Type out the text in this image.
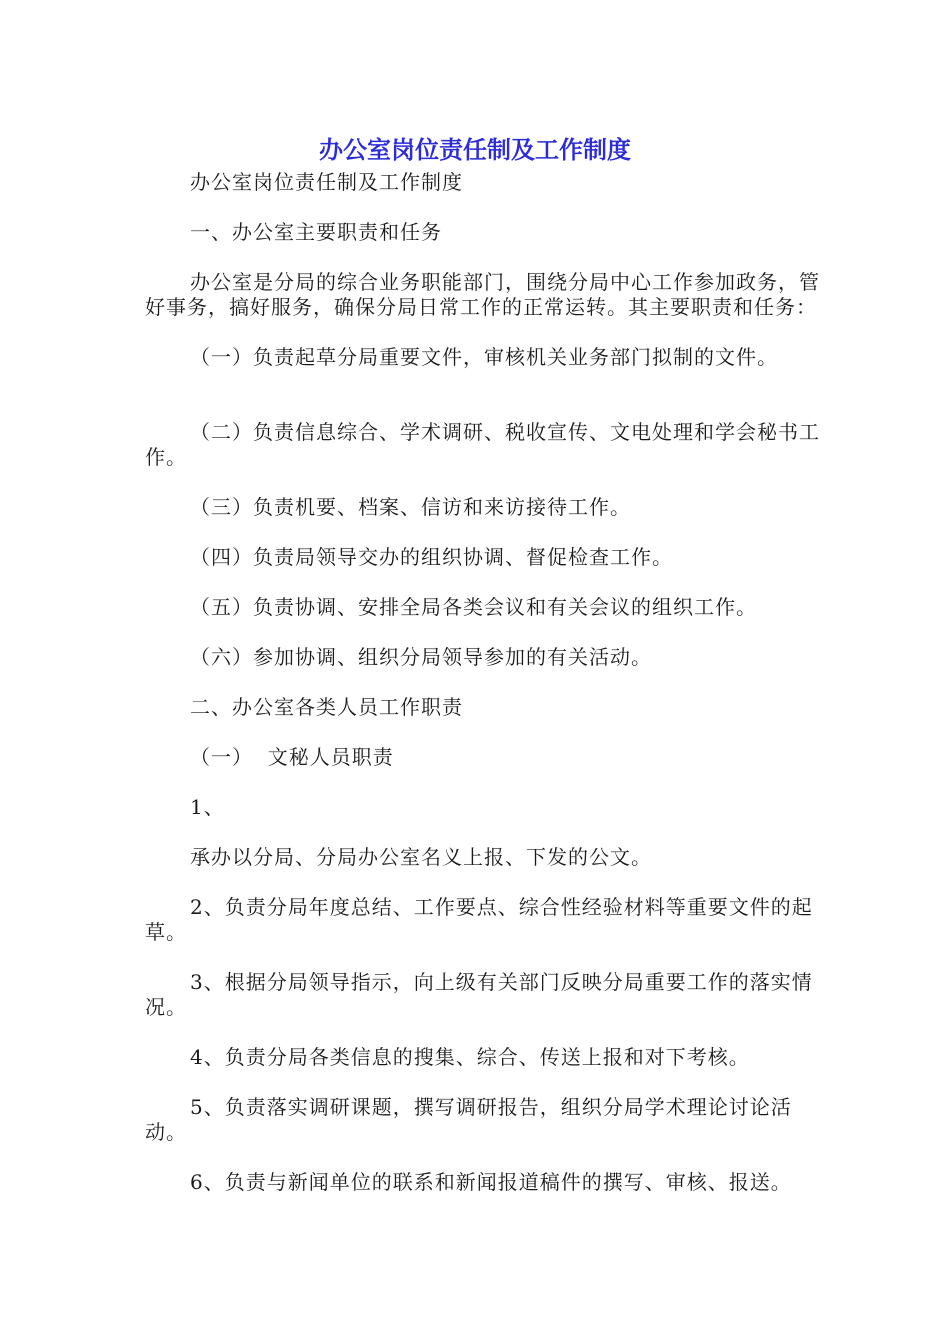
办公室岗位责任制及工作制度

办公室岗位责任制及工作制度

一、办公室主要职责和任务

办公室是分局的综合业务职能部门，围绕分局中心工作参加政务，管好事务，搞好服务，确保分局日常工作的正常运转。其主要职责和任务：

（一）负责起草分局重要文件，审核机关业务部门拟制的文件。

（二）负责信息综合、学术调研、税收宣传、文电处理和学会秘书工作。

（三）负责机要、档案、信访和来访接待工作。

（四）负责局领导交办的组织协调、督促检查工作。

（五）负责协调、安排全局各类会议和有关会议的组织工作。

（六）参加协调、组织分局领导参加的有关活动。

二、办公室各类人员工作职责

（一）  文秘人员职责

1、

承办以分局、分局办公室名义上报、下发的公文。

2、负责分局年度总结、工作要点、综合性经验材料等重要文件的起草。

3、根据分局领导指示，向上级有关部门反映分局重要工作的落实情况。

4、负责分局各类信息的搜集、综合、传送上报和对下考核。

5、负责落实调研课题，撰写调研报告，组织分局学术理论讨论活动。

6、负责与新闻单位的联系和新闻报道稿件的撰写、审核、报送。
